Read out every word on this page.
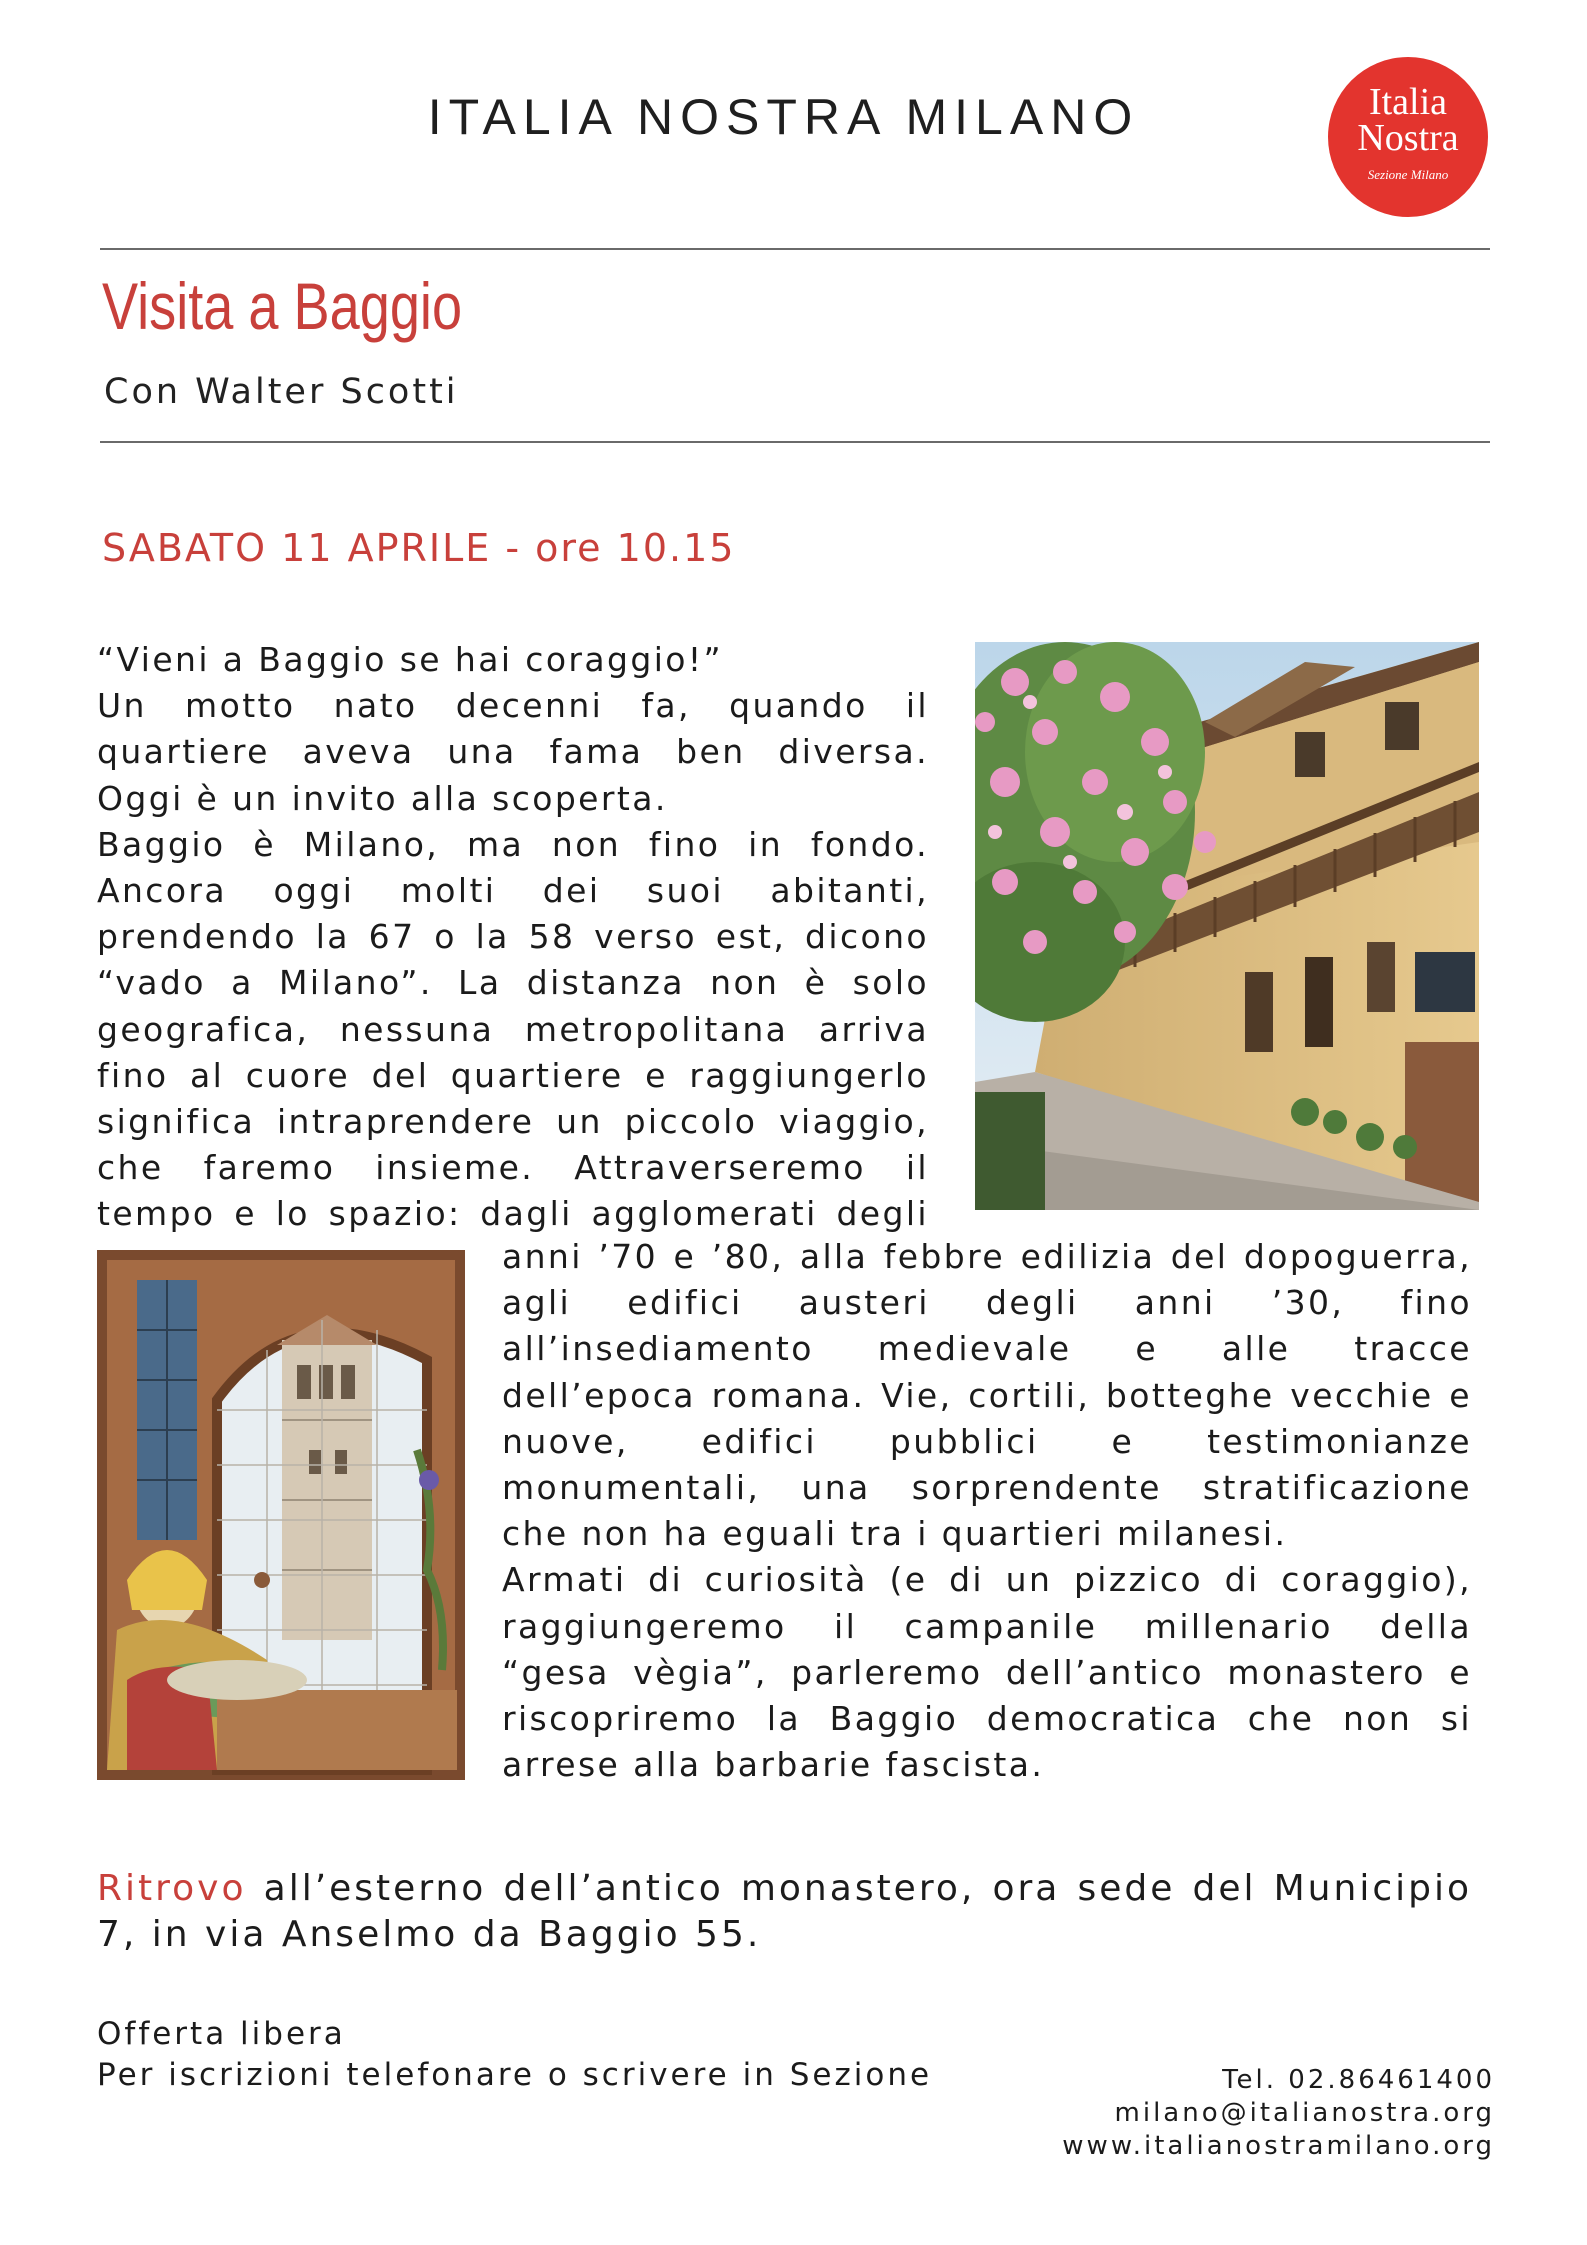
ITALIA NOSTRA MILANO	Italia
Nostra
Sezione Milano
Visita a Baggio
Con Walter Scotti
SABATO 11 APRILE - ore 10.15

“Vieni a Baggio se hai coraggio!”

Un motto nato decenni fa, quando il

quartiere aveva una fama ben diversa.

Oggi è un invito alla scoperta.

Baggio è Milano, ma non fino in fondo.

Ancora oggi molti dei suoi abitanti,

prendendo la 67 o la 58 verso est, dicono

“vado a Milano”. La distanza non è solo

geografica, nessuna metropolitana arriva

fino al cuore del quartiere e raggiungerlo

significa intraprendere un piccolo viaggio,

che faremo insieme. Attraverseremo il

tempo e lo spazio: dagli agglomerati degli

anni ’70 e ’80, alla febbre edilizia del dopoguerra,

agli edifici austeri degli anni ’30, fino

all’insediamento medievale e alle tracce

dell’epoca romana. Vie, cortili, botteghe vecchie e

nuove, edifici pubblici e testimonianze

monumentali, una sorprendente stratificazione

che non ha eguali tra i quartieri milanesi.

Armati di curiosità (e di un pizzico di coraggio),

raggiungeremo il campanile millenario della

“gesa vègia”, parleremo dell’antico monastero e

riscopriremo la Baggio democratica che non si

arrese alla barbarie fascista.

Ritrovo all’esterno dell’antico monastero, ora sede del Municipio 7, in via Anselmo da Baggio 55.
Offerta libera
Per iscrizioni telefonare o scrivere in Sezione	Tel. 02.86461400
milano@italianostra.org
www.italianostramilano.org
